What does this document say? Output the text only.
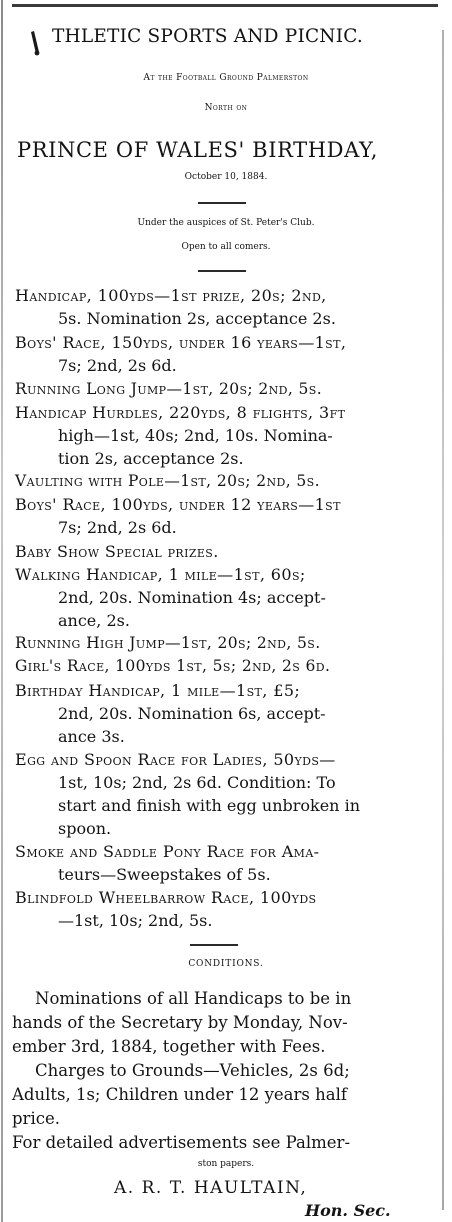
THLETIC SPORTS AND PICNIC.
At the Football Ground Palmerston
North on
PRINCE OF WALES' BIRTHDAY,
October 10, 1884.
Under the auspices of St. Peter's Club.
Open to all comers.
Handicap, 100yds—1st prize, 20s; 2nd,
5s. Nomination 2s, acceptance 2s.
Boys' Race, 150yds, under 16 years—1st,
7s; 2nd, 2s 6d.
Running Long Jump—1st, 20s; 2nd, 5s.
Handicap Hurdles, 220yds, 8 flights, 3ft
high—1st, 40s; 2nd, 10s. Nomina-
tion 2s, acceptance 2s.
Vaulting with Pole—1st, 20s; 2nd, 5s.
Boys' Race, 100yds, under 12 years—1st
7s; 2nd, 2s 6d.
Baby Show Special prizes.
Walking Handicap, 1 mile—1st, 60s;
2nd, 20s. Nomination 4s; accept-
ance, 2s.
Running High Jump—1st, 20s; 2nd, 5s.
Girl's Race, 100yds 1st, 5s; 2nd, 2s 6d.
Birthday Handicap, 1 mile—1st, £5;
2nd, 20s. Nomination 6s, accept-
ance 3s.
Egg and Spoon Race for Ladies, 50yds—
1st, 10s; 2nd, 2s 6d. Condition: To
start and finish with egg unbroken in
spoon.
Smoke and Saddle Pony Race for Ama-
teurs—Sweepstakes of 5s.
Blindfold Wheelbarrow Race, 100yds
—1st, 10s; 2nd, 5s.
CONDITIONS.
Nominations of all Handicaps to be in
hands of the Secretary by Monday, Nov-
ember 3rd, 1884, together with Fees.
Charges to Grounds—Vehicles, 2s 6d;
Adults, 1s; Children under 12 years half
price.
For detailed advertisements see Palmer-
ston papers.
A. R. T. HAULTAIN,
Hon. Sec.
